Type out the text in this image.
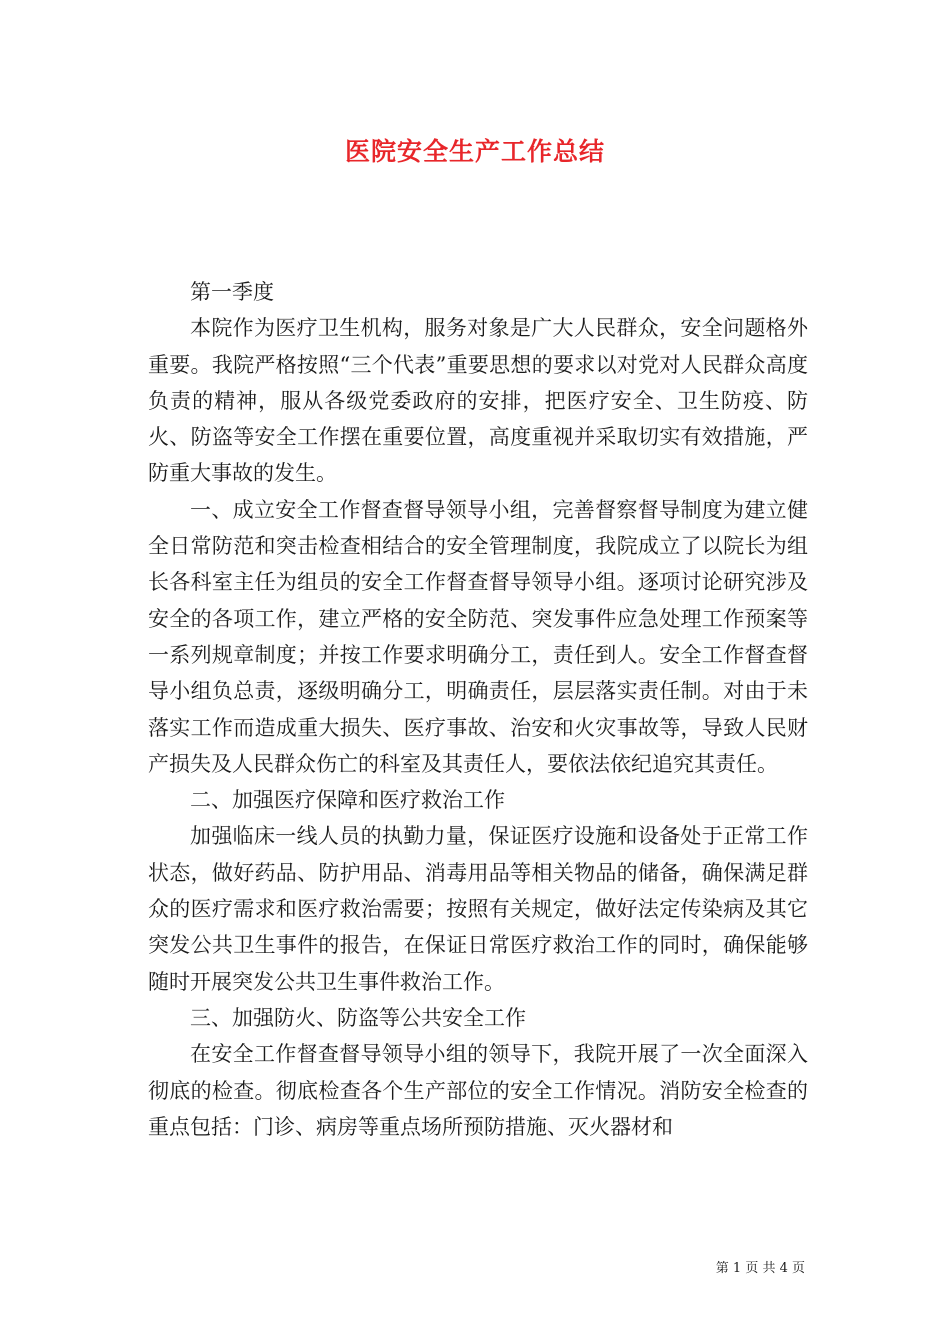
医院安全生产工作总结

第一季度

本院作为医疗卫生机构，服务对象是广大人民群众，安全问题格外重要。我院严格按照“三个代表”重要思想的要求以对党对人民群众高度负责的精神，服从各级党委政府的安排，把医疗安全、卫生防疫、防火、防盗等安全工作摆在重要位置，高度重视并采取切实有效措施，严防重大事故的发生。

一、成立安全工作督查督导领导小组，完善督察督导制度为建立健全日常防范和突击检查相结合的安全管理制度，我院成立了以院长为组长各科室主任为组员的安全工作督查督导领导小组。逐项讨论研究涉及安全的各项工作，建立严格的安全防范、突发事件应急处理工作预案等一系列规章制度；并按工作要求明确分工，责任到人。安全工作督查督导小组负总责，逐级明确分工，明确责任，层层落实责任制。对由于未落实工作而造成重大损失、医疗事故、治安和火灾事故等，导致人民财产损失及人民群众伤亡的科室及其责任人，要依法依纪追究其责任。

二、加强医疗保障和医疗救治工作

加强临床一线人员的执勤力量，保证医疗设施和设备处于正常工作状态，做好药品、防护用品、消毒用品等相关物品的储备，确保满足群众的医疗需求和医疗救治需要；按照有关规定，做好法定传染病及其它突发公共卫生事件的报告，在保证日常医疗救治工作的同时，确保能够随时开展突发公共卫生事件救治工作。

三、加强防火、防盗等公共安全工作

在安全工作督查督导领导小组的领导下，我院开展了一次全面深入彻底的检查。彻底检查各个生产部位的安全工作情况。消防安全检查的重点包括：门诊、病房等重点场所预防措施、灭火器材和

第 1 页 共 4 页
